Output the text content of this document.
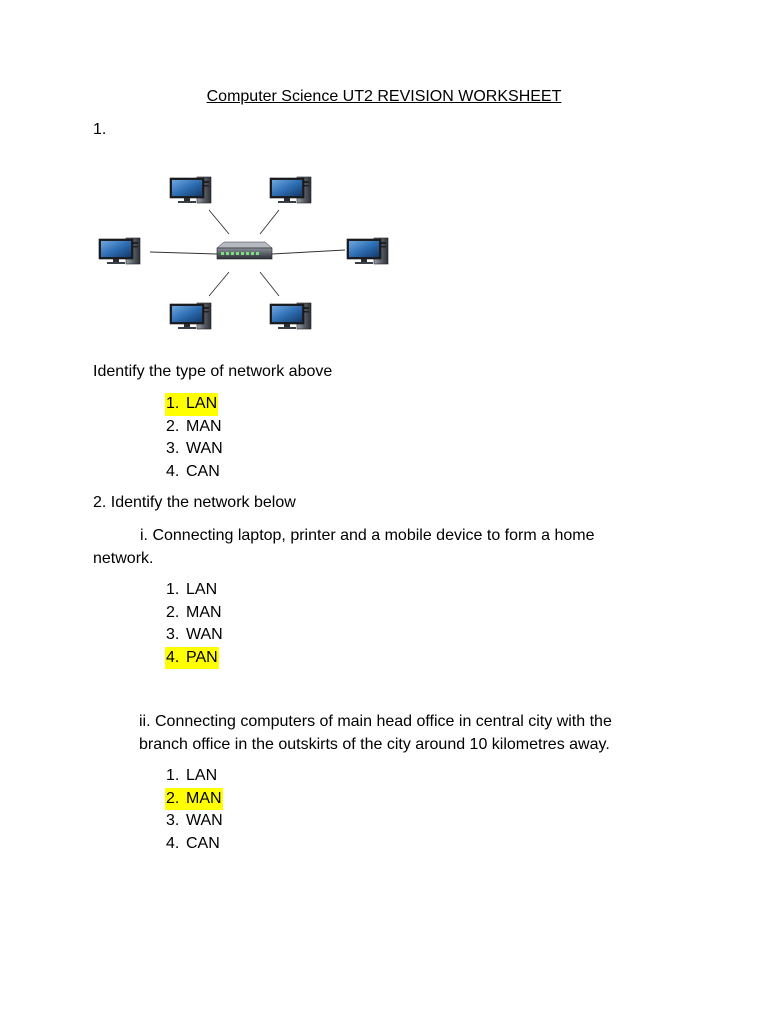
Computer Science UT2 REVISION WORKSHEET
1.
Identify the type of network above
1. LAN
2. MAN
3. WAN
4. CAN
2. Identify the network below
i. Connecting laptop, printer and a mobile device to form a home network.
1. LAN
2. MAN
3. WAN
4. PAN
ii. Connecting computers of main head office in central city with the branch office in the outskirts of the city around 10 kilometres away.
1. LAN
2. MAN
3. WAN
4. CAN
